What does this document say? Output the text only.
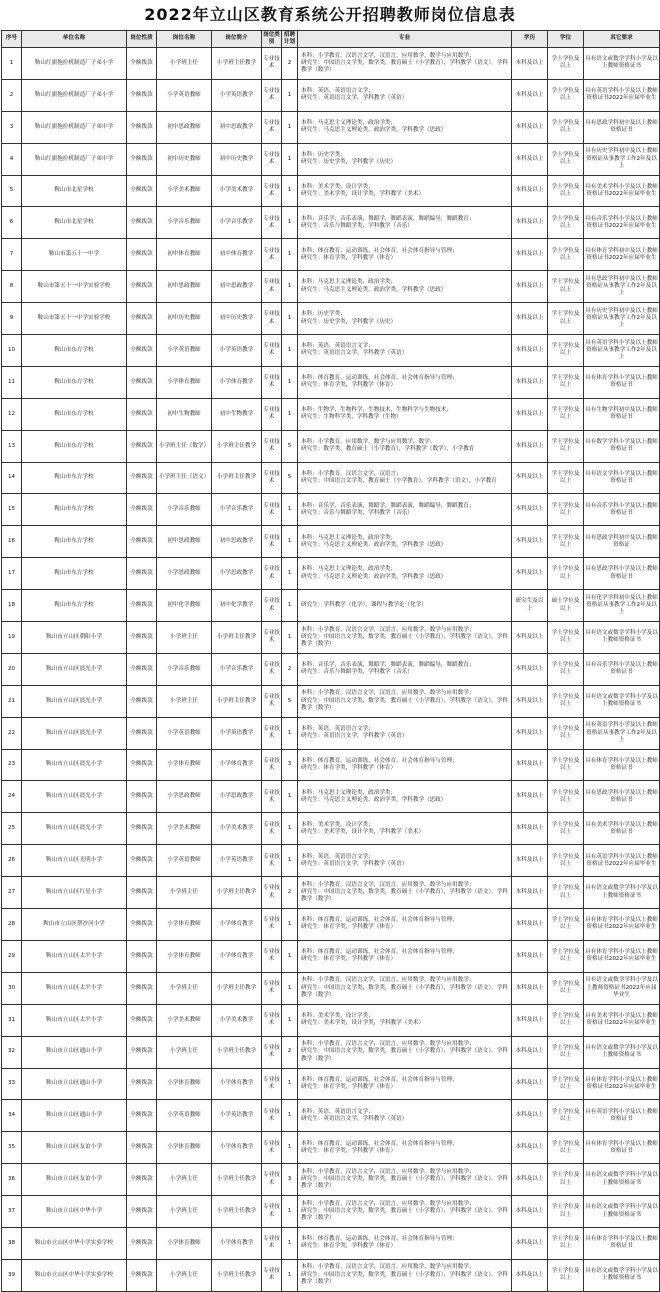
2022年立山区教育系统公开招聘教师岗位信息表
序号	单位名称	岗位性质	岗位名称	岗位简介	岗位类别	招聘计划	专业	学历	学位	其它要求
1	鞍山红旗拖拉机制造厂子弟小学	全额拨款	小学班主任	小学班主任教学	专业技术	2	本科：小学教育，汉语言文学，汉语言，应用数学，数学与应用数学；
研究生：中国语言文学类，数学类，教育硕士（小学教育），学科教学（语文），学科教学（数学）	本科及以上	学士学位及以上	具有语文或数学学科小学及以上教师资格证书
2	鞍山红旗拖拉机制造厂子弟小学	全额拨款	小学英语教师	小学英语教学	专业技术	1	本科：英语，英语语言文学；
研究生：英语语言文学，学科教学（英语）	本科及以上	学士学位及以上	具有英语学科小学及以上教师资格证书2022年应届毕业生
3	鞍山红旗拖拉机制造厂子弟中学	全额拨款	初中思政教师	初中思政教学	专业技术	1	本科：马克思主义理论类，政治学类；
研究生：马克思主义理论类，政治学类，学科教学（思政）	本科及以上	学士学位及以上	具有思政学科初中及以上教师资格证书
4	鞍山红旗拖拉机制造厂子弟中学	全额拨款	初中历史教师	初中历史教学	专业技术	1	本科：历史学类；
研究生：历史学类，学科教学（历史）	本科及以上	学士学位及以上	具有历史学科初中及以上教师资格证从事教学工作2年及以上
5	鞍山市北星学校	全额拨款	小学美术教师	小学美术教学	专业技术	1	本科：美术学类，设计学类；
研究生：美术学类，设计学类，学科教学（美术）	本科及以上	学士学位及以上	具有美术学科小学及以上教师资格证书2022年应届毕业生
6	鞍山市北星学校	全额拨款	小学音乐教师	小学音乐教学	专业技术	1	本科：音乐学，音乐表演，舞蹈学，舞蹈表演，舞蹈编导，舞蹈教育；
研究生：音乐与舞蹈学类，学科教学（音乐）	本科及以上	学士学位及以上	具有音乐学科小学及以上教师资格证书2022年应届毕业生
7	鞍山市第五十一中学	全额拨款	初中体育教师	初中体育教学	专业技术	1	本科：体育教育，运动训练，社会体育，社会体育指导与管理；
研究生：体育学类，学科教学（体育）	本科及以上	学士学位及以上	具有体育学科初中及以上教师资格证书2022年应届毕业生
8	鞍山市第五十一中学实验学校	全额拨款	初中思政教师	初中思政教学	专业技术	1	本科：马克思主义理论类，政治学类；
研究生：马克思主义理论类，政治学类，学科教学（思政）	本科及以上	学士学位及以上	具有思政学科初中及以上教师资格证从事教学工作2年及以上
9	鞍山市第五十一中学实验学校	全额拨款	初中历史教师	初中历史教学	专业技术	1	本科：历史学类；
研究生：历史学类，学科教学（历史）	本科及以上	学士学位及以上	具有历史学科初中及以上教师资格证从事教学工作2年及以上
10	鞍山市东方学校	全额拨款	小学英语教师	小学英语教学	专业技术	1	本科：英语，英语语言文学；
研究生：英语语言文学，学科教学（英语）	本科及以上	学士学位及以上	具有英语学科小学及以上教师资格证从事教学工作2年及以上
11	鞍山市东方学校	全额拨款	小学体育教师	小学体育教学	专业技术	1	本科：体育教育，运动训练，社会体育，社会体育指导与管理；
研究生：体育学类，学科教学（体育）	本科及以上	学士学位及以上	具有体育学科小学及以上教师资格证书
12	鞍山市东方学校	全额拨款	初中生物教师	初中生物教学	专业技术	1	本科：生物学，生物科学，生物技术，生物科学与生物技术；
研究生：生物科学类，学科教学（生物）	本科及以上	学士学位及以上	具有生物学科初中及以上教师资格证书
13	鞍山市东方学校	全额拨款	小学班主任（数学）	小学班主任教学	专业技术	5	本科：小学教育，应用数学，数学与应用数学，数学；
研究生：数学类，教育硕士（小学教育），学科教学（数学），小学教育	本科及以上	学士学位及以上	具有数学学科小学及以上教师资格证书
14	鞍山市东方学校	全额拨款	小学班主任（语文）	小学班主任教学	专业技术	5	本科：小学教育，汉语言文学，汉语言；
研究生：中国语言文学类，教育硕士（小学教育），学科教学（语文），小学教育	本科及以上	学士学位及以上	具有语文学科小学及以上教师资格证书
15	鞍山市东方学校	全额拨款	小学音乐教师	小学音乐教学	专业技术	1	本科：音乐学，音乐表演，舞蹈学，舞蹈表演，舞蹈编导，舞蹈教育；
研究生：音乐与舞蹈学类，学科教学（音乐）	本科及以上	学士学位及以上	具有音乐学科小学及以上教师资格证书
16	鞍山市东方学校	全额拨款	初中思政教师	初中思政教学	专业技术	1	本科：马克思主义理论类，政治学类；
研究生：马克思主义理论类，政治学类，学科教学（思政）	本科及以上	学士学位及以上	具有思政学科初中及以上教师资格证
17	鞍山市东方学校	全额拨款	小学思政教师	小学思政教学	专业技术	1	本科：马克思主义理论类，政治学类；
研究生：马克思主义理论类，政治学类，学科教学（思政）	本科及以上	学士学位及以上	具有思政学科小学及以上教师资格证书
18	鞍山市东方学校	全额拨款	初中化学教师	初中化学教学	专业技术	1	研究生：学科教学（化学），课程与教学论（化学）	研究生及以上	硕士学位及以上	具有化学学科初中及以上教师资格证从事教学工作2年及以上
19	鞍山市立山区朝阳小学	全额拨款	小学班主任	小学班主任教学	专业技术	1	本科：小学教育，汉语言文学，汉语言，应用数学，数学与应用数学；
研究生：中国语言文学类，数学类，教育硕士（小学教育），学科教学（语文），学科教学（数学）	本科及以上	学士学位及以上	具有语文或数学学科小学及以上教师资格证书
20	鞍山市立山区晨光小学	全额拨款	小学音乐教师	小学音乐教学	专业技术	2	本科：音乐学，音乐表演，舞蹈学，舞蹈表演，舞蹈编导，舞蹈教育；
研究生：音乐与舞蹈学类，学科教学（音乐）	本科及以上	学士学位及以上	具有音乐学科小学及以上教师资格证书
21	鞍山市立山区晨光小学	全额拨款	小学班主任	小学班主任教学	专业技术	5	本科：小学教育，汉语言文学，汉语言，应用数学，数学与应用数学；
研究生：中国语言文学类，数学类，教育硕士（小学教育），学科教学（语文），学科教学（数学）	本科及以上	学士学位及以上	具有语文或数学学科小学及以上教师资格证书
22	鞍山市立山区晨光小学	全额拨款	小学英语教师	小学英语教学	专业技术	1	本科：英语，英语语言文学；
研究生：英语语言文学，学科教学（英语）	本科及以上	学士学位及以上	具有英语学科小学及以上教师资格证从事教学工作2年及以上
23	鞍山市立山区晨光小学	全额拨款	小学体育教师	小学体育教学	专业技术	3	本科：体育教育，运动训练，社会体育，社会体育指导与管理；
研究生：体育学类，学科教学（体育）	本科及以上	学士学位及以上	具有体育学科小学及以上教师资格证书
24	鞍山市立山区晨光小学	全额拨款	小学思政教师	小学思政教学	专业技术	1	本科：马克思主义理论类，政治学类；
研究生：马克思主义理论类，政治学类，学科教学（思政）	本科及以上	学士学位及以上	具有思政学科小学及以上教师资格证书
25	鞍山市立山区晨光小学	全额拨款	小学美术教师	小学美术教学	专业技术	1	本科：美术学类，设计学类；
研究生：美术学类，设计学类，学科教学（美术）	本科及以上	学士学位及以上	具有美术学科小学及以上教师资格证书
26	鞍山市立山区光明小学	全额拨款	小学英语教师	小学英语教学	专业技术	1	本科：英语，英语语言文学；
研究生：英语语言文学，学科教学（英语）	本科及以上	学士学位及以上	具有英语学科小学及以上教师资格证书2022年应届毕业生
27	鞍山市立山区红星小学	全额拨款	小学班主任	小学班主任教学	专业技术	2	本科：小学教育，汉语言文学，汉语言，应用数学，数学与应用数学；
研究生：中国语言文学类，数学类，教育硕士（小学教育），学科教学（语文），学科教学（数学）	本科及以上	学士学位及以上	具有语文或数学学科小学及以上教师资格证书
28	鞍山市立山区帮沙河小学	全额拨款	小学体育教师	小学体育教学	专业技术	1	本科：体育教育，运动训练，社会体育，社会体育指导与管理；
研究生：体育学类，学科教学（体育）	本科及以上	学士学位及以上	具有体育学科小学及以上教师资格证书2022年应届毕业生
29	鞍山市立山区太平小学	全额拨款	小学体育教师	小学体育教学	专业技术	1	本科：体育教育，运动训练，社会体育，社会体育指导与管理；
研究生：体育学类，学科教学（体育）	本科及以上	学士学位及以上	具有体育学科小学及以上教师资格证书2022年应届毕业生
30	鞍山市立山区太平小学	全额拨款	小学班主任	小学班主任教学	专业技术	1	本科：小学教育，汉语言文学，汉语言，应用数学，数学与应用数学；
研究生：中国语言文学类，数学类，教育硕士（小学教育），学科教学（语文），学科教学（数学）	本科及以上	学士学位及以上	具有语文或数学学科小学及以上教师资格证书2022年应届毕业生
31	鞍山市立山区太平小学	全额拨款	小学美术教师	小学美术教学	专业技术	1	本科：美术学类，设计学类；
研究生：美术学类，设计学类，学科教学（美术）	本科及以上	学士学位及以上	具有美术学科小学及以上教师资格证书2022年应届毕业生
32	鞍山市立山区通山小学	全额拨款	小学班主任	小学班主任教学	专业技术	2	本科：小学教育，汉语言文学，汉语言，应用数学，数学与应用数学；
研究生：中国语言文学类，数学类，教育硕士（小学教育），学科教学（语文），学科教学（数学）	本科及以上	学士学位及以上	具有语文或数学学科小学及以上教师资格证书
33	鞍山市立山区通山小学	全额拨款	小学体育教师	小学体育教学	专业技术	1	本科：体育教育，运动训练，社会体育，社会体育指导与管理；
研究生：体育学类，学科教学（体育）	本科及以上	学士学位及以上	具有体育学科小学及以上教师资格证书2022年应届毕业生
34	鞍山市立山区通山小学	全额拨款	小学英语教师	小学英语教学	专业技术	1	本科：英语，英语语言文学；
研究生：英语语言文学，学科教学（英语）	本科及以上	学士学位及以上	具有英语学科小学及以上教师资格证书
35	鞍山市立山区友谊小学	全额拨款	小学体育教师	小学体育教学	专业技术	1	本科：体育教育，运动训练，社会体育，社会体育指导与管理；
研究生：体育学类，学科教学（体育）	本科及以上	学士学位及以上	具有体育学科小学及以上教师资格证书
36	鞍山市立山区友谊小学	全额拨款	小学班主任	小学班主任教学	专业技术	3	本科：小学教育，汉语言文学，汉语言，应用数学，数学与应用数学；
研究生：中国语言文学类，数学类，教育硕士（小学教育），学科教学（语文），学科教学（数学）	本科及以上	学士学位及以上	具有语文或数学学科小学及以上教师资格证书
37	鞍山市立山区中华小学	全额拨款	小学班主任	小学班主任教学	专业技术	1	本科：小学教育，汉语言文学，汉语言，应用数学，数学与应用数学；
研究生：中国语言文学类，数学类，教育硕士（小学教育），学科教学（语文），学科教学（数学）	本科及以上	学士学位及以上	具有语文或数学学科小学及以上教师资格证书
38	鞍山市立山区中华小学实验学校	全额拨款	小学体育教师	小学体育教学	专业技术	1	本科：体育教育，运动训练，社会体育，社会体育指导与管理；
研究生：体育学类，学科教学（体育）	本科及以上	学士学位及以上	具有体育学科小学及以上教师资格证书
39	鞍山市立山区中华小学实验学校	全额拨款	小学班主任	小学班主任教学	专业技术	1	本科：小学教育，汉语言文学，汉语言，应用数学，数学与应用数学；
研究生：中国语言文学类，数学类，教育硕士（小学教育），学科教学（语文），学科教学（数学）	本科及以上	学士学位及以上	具有语文或数学学科小学及以上教师资格证书
